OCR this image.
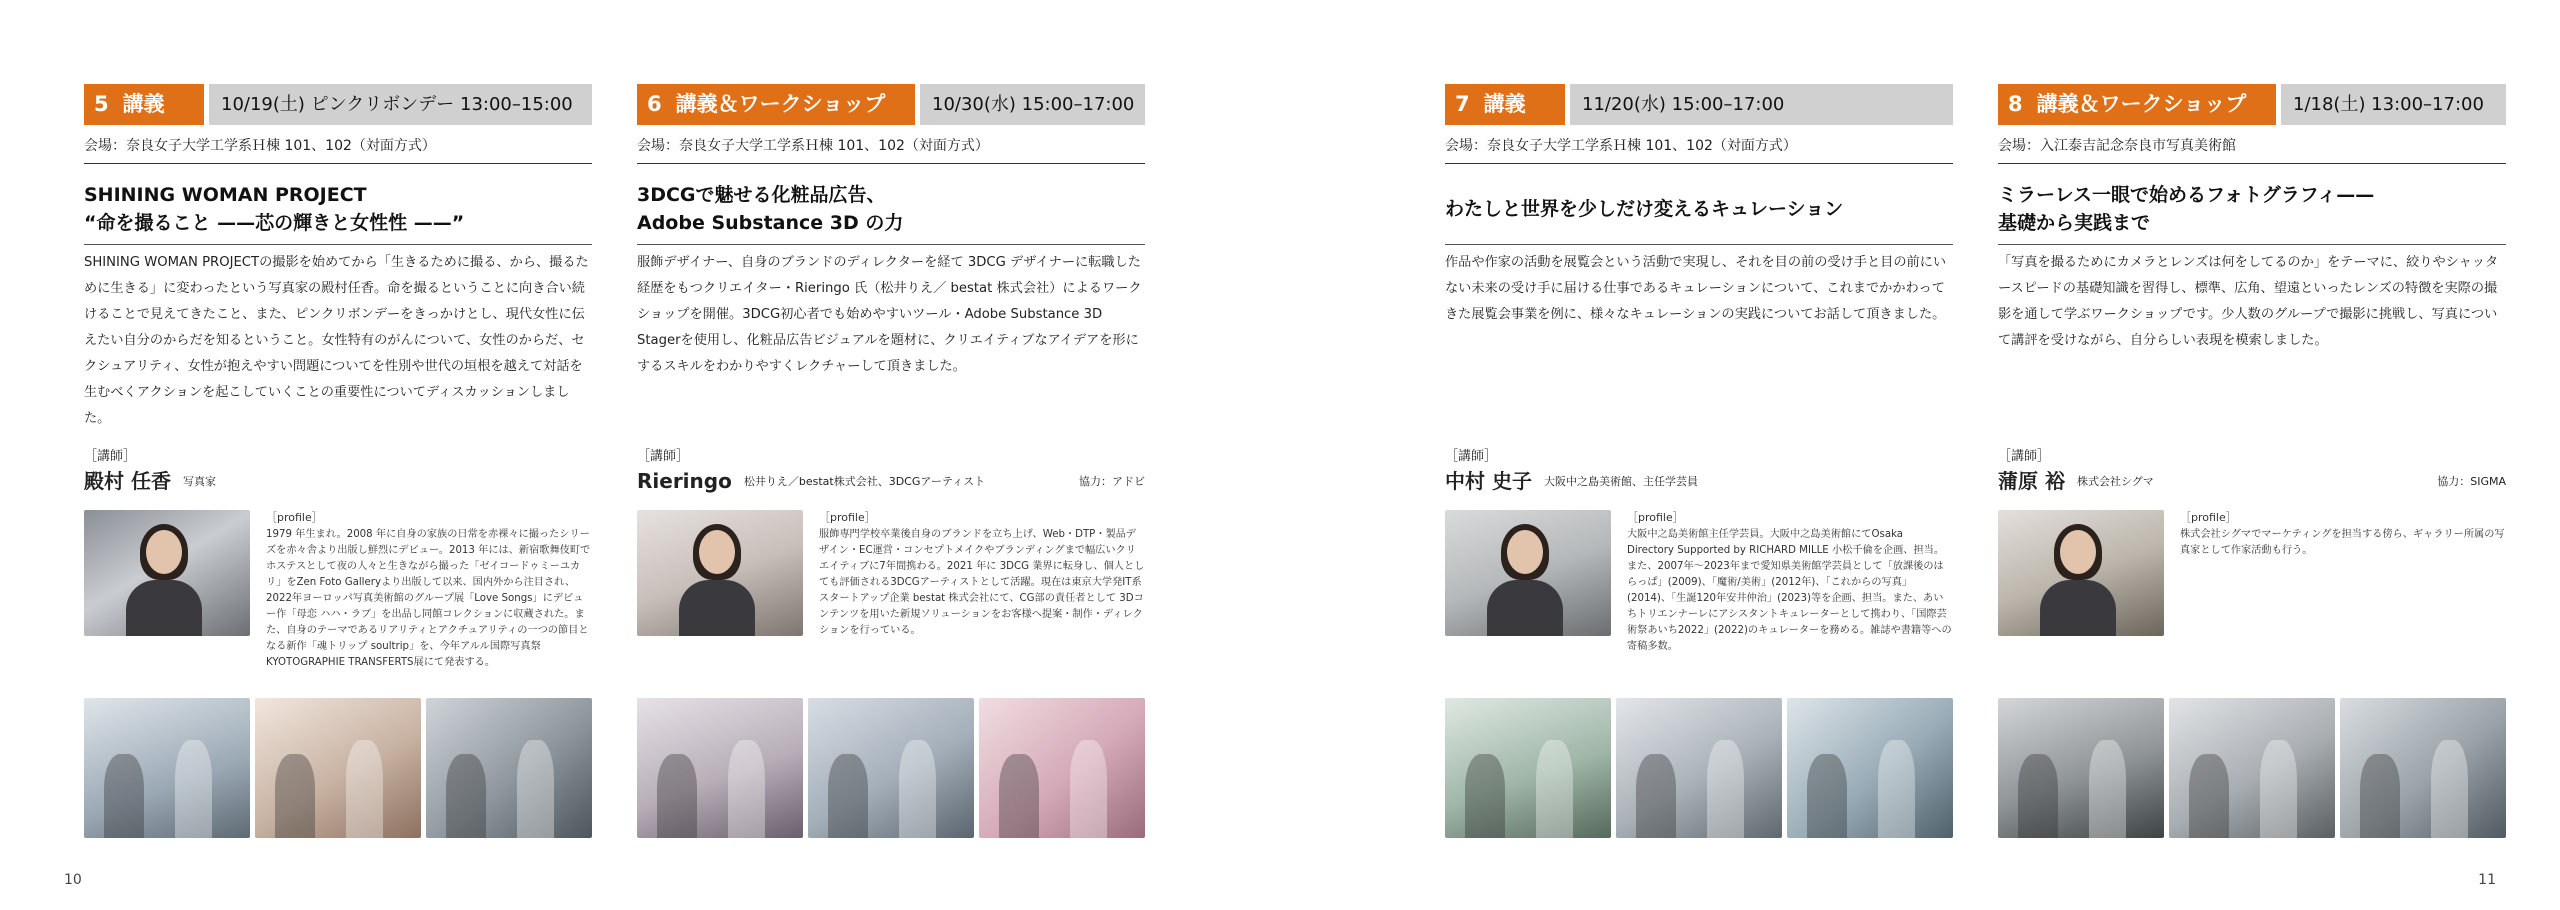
5 講義	10/19(土) ピンクリボンデー 13:00–15:00
会場：奈良女子大学工学系Ｈ棟 101、102（対面方式）
SHINING WOMAN PROJECT
“命を撮ること ——芯の輝きと女性性 ——”

SHINING WOMAN PROJECTの撮影を始めてから「生きるために撮る、から、撮るために生きる」に変わったという写真家の殿村任香。命を撮るということに向き合い続けることで見えてきたこと、また、ピンクリボンデーをきっかけとし、現代女性に伝えたい自分のからだを知るということ。女性特有のがんについて、女性のからだ、セクシュアリティ、女性が抱えやすい問題についてを性別や世代の垣根を越えて対話を生むべくアクションを起こしていくことの重要性についてディスカッションしました。

［講師］
殿村 任香 写真家
［profile］
1979 年生まれ。2008 年に自身の家族の日常を赤裸々に撮ったシリーズを赤々舎より出版し鮮烈にデビュー。2013 年には、新宿歌舞伎町でホステスとして夜の人々と生きながら撮った「ゼイコードゥミーユカリ」をZen Foto Galleryより出版して以来、国内外から注目され、2022年ヨーロッパ写真美術館のグループ展「Love Songs」にデビュー作「母恋 ハハ・ラブ」を出品し同館コレクションに収蔵された。また、自身のテーマであるリアリティとアクチュアリティの一つの節目となる新作「魂トリップ soultrip」を、今年アルル国際写真祭 KYOTOGRAPHIE TRANSFERTS展にて発表する。
6 講義＆ワークショップ	10/30(水) 15:00–17:00
会場：奈良女子大学工学系Ｈ棟 101、102（対面方式）
3DCGで魅せる化粧品広告、
Adobe Substance 3D の力

服飾デザイナー、自身のブランドのディレクターを経て 3DCG デザイナーに転職した経歴をもつクリエイター・Rieringo 氏（松井りえ／ bestat 株式会社）によるワークショップを開催。3DCG初心者でも始めやすいツール・Adobe Substance 3D Stagerを使用し、化粧品広告ビジュアルを題材に、クリエイティブなアイデアを形にするスキルをわかりやすくレクチャーして頂きました。

［講師］
Rieringo 松井りえ／bestat株式会社、3DCGアーティスト	協力：アドビ
［profile］
服飾専門学校卒業後自身のブランドを立ち上げ、Web・DTP・製品デザイン・EC運営・コンセプトメイクやブランディングまで幅広いクリエイティブに7年間携わる。2021 年に 3DCG 業界に転身し、個人としても評価される3DCGアーティストとして活躍。現在は東京大学発IT系スタートアップ企業 bestat 株式会社にて、CG部の責任者として 3Dコンテンツを用いた新規ソリューションをお客様へ提案・制作・ディレクションを行っている。
7 講義	11/20(水) 15:00–17:00
会場：奈良女子大学工学系Ｈ棟 101、102（対面方式）
わたしと世界を少しだけ変えるキュレーション

作品や作家の活動を展覧会という活動で実現し、それを目の前の受け手と目の前にいない未来の受け手に届ける仕事であるキュレーションについて、これまでかかわってきた展覧会事業を例に、様々なキュレーションの実践についてお話して頂きました。

［講師］
中村 史子 大阪中之島美術館、主任学芸員
［profile］
大阪中之島美術館主任学芸員。大阪中之島美術館にてOsaka Directory Supported by RICHARD MILLE 小松千倫を企画、担当。また、2007年〜2023年まで愛知県美術館学芸員として「放課後のはらっぱ」(2009)、「魔術/美術」(2012年)、「これからの写真」(2014)、「生誕120年安井仲治」(2023)等を企画、担当。また、あいちトリエンナーレにアシスタントキュレーターとして携わり、「国際芸術祭あいち2022」(2022)のキュレーターを務める。雑誌や書籍等への寄稿多数。
8 講義＆ワークショップ	1/18(土) 13:00–17:00
会場：入江泰吉記念奈良市写真美術館
ミラーレス一眼で始めるフォトグラフィ——
基礎から実践まで

「写真を撮るためにカメラとレンズは何をしてるのか」をテーマに、絞りやシャッタースピードの基礎知識を習得し、標準、広角、望遠といったレンズの特徴を実際の撮影を通して学ぶワークショップです。少人数のグループで撮影に挑戦し、写真について講評を受けながら、自分らしい表現を模索しました。

［講師］
蒲原 裕 株式会社シグマ	協力：SIGMA
［profile］
株式会社シグマでマーケティングを担当する傍ら、ギャラリー所属の写真家として作家活動も行う。
10	11
